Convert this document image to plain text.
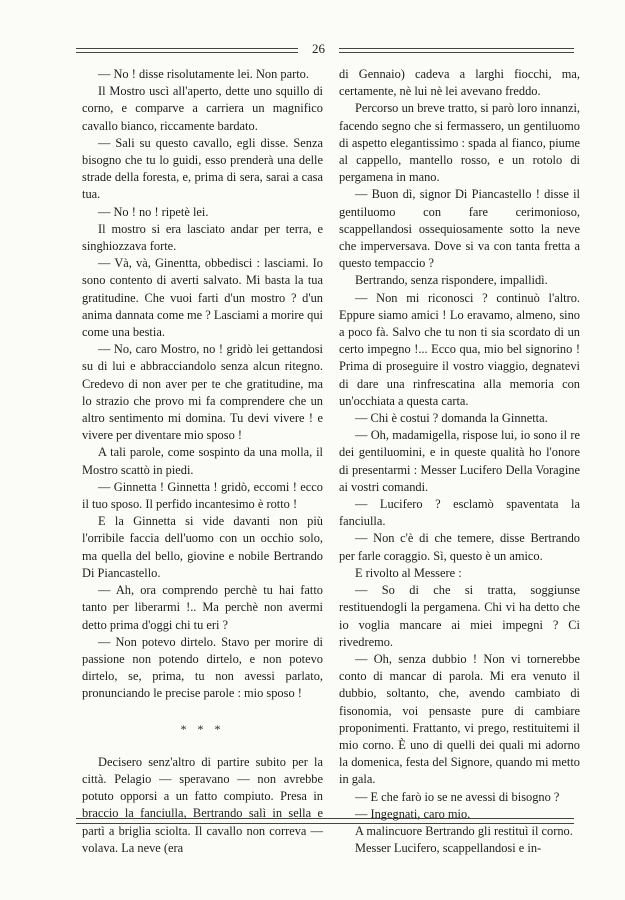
26

— No ! disse risolutamente lei. Non parto.

Il Mostro uscì all'aperto, dette uno squillo di corno, e comparve a carriera un magnifico cavallo bianco, riccamente bardato.

— Sali su questo cavallo, egli disse. Senza bisogno che tu lo guidi, esso prenderà una delle strade della foresta, e, prima di sera, sarai a casa tua.

— No ! no ! ripetè lei.

Il mostro si era lasciato andar per terra, e singhiozzava forte.

— Và, và, Ginentta, obbedisci : lasciami. Io sono contento di averti salvato. Mi basta la tua gratitudine. Che vuoi farti d'un mostro ? d'un anima dannata come me ? Lasciami a morire qui come una bestia.

— No, caro Mostro, no ! gridò lei gettandosi su di lui e abbracciandolo senza alcun ritegno. Credevo di non aver per te che gratitudine, ma lo strazio che provo mi fa comprendere che un altro sentimento mi domina. Tu devi vivere ! e vivere per diventare mio sposo !

A tali parole, come sospinto da una molla, il Mostro scattò in piedi.

— Ginnetta ! Ginnetta ! gridò, eccomi ! ecco il tuo sposo. Il perfido incantesimo è rotto !

E la Ginnetta si vide davanti non più l'orribile faccia dell'uomo con un occhio solo, ma quella del bello, giovine e nobile Bertrando Di Piancastello.

— Ah, ora comprendo perchè tu hai fatto tanto per liberarmi !.. Ma perchè non avermi detto prima d'oggi chi tu eri ?

— Non potevo dirtelo. Stavo per morire di passione non potendo dirtelo, e non potevo dirtelo, se, prima, tu non avessi parlato, pronunciando le precise parole : mio sposo !

* * *

Decisero senz'altro di partire subito per la città. Pelagio — speravano — non avrebbe potuto opporsi a un fatto compiuto. Presa in braccio la fanciulla, Bertrando salì in sella e partì a briglia sciolta. Il cavallo non correva — volava. La neve (era

di Gennaio) cadeva a larghi fiocchi, ma, certamente, nè lui nè lei avevano freddo.

Percorso un breve tratto, si parò loro innanzi, facendo segno che si fermassero, un gentiluomo di aspetto elegantissimo : spada al fianco, piume al cappello, mantello rosso, e un rotolo di pergamena in mano.

— Buon dì, signor Di Piancastello ! disse il gentiluomo con fare cerimonioso, scappellandosi ossequiosamente sotto la neve che imperversava. Dove si va con tanta fretta a questo tempaccio ?

Bertrando, senza rispondere, impallidì.

— Non mi riconosci ? continuò l'altro. Eppure siamo amici ! Lo eravamo, almeno, sino a poco fà. Salvo che tu non ti sia scordato di un certo impegno !... Ecco qua, mio bel signorino ! Prima di proseguire il vostro viaggio, degnatevi di dare una rinfrescatina alla memoria con un'occhiata a questa carta.

— Chi è costui ? domanda la Ginnetta.

— Oh, madamigella, rispose lui, io sono il re dei gentiluomini, e in queste qualità ho l'onore di presentarmi : Messer Lucifero Della Voragine ai vostri comandi.

— Lucifero ? esclamò spaventata la fanciulla.

— Non c'è di che temere, disse Bertrando per farle coraggio. Sì, questo è un amico.

E rivolto al Messere :

— So di che si tratta, soggiunse restituendogli la pergamena. Chi vi ha detto che io voglia mancare ai miei impegni ? Ci rivedremo.

— Oh, senza dubbio ! Non vi tornerebbe conto di mancar di parola. Mi era venuto il dubbio, soltanto, che, avendo cambiato di fisonomia, voi pensaste pure di cambiare proponimenti. Frattanto, vi prego, restituitemi il mio corno. È uno di quelli dei quali mi adorno la domenica, festa del Signore, quando mi metto in gala.

— E che farò io se ne avessi di bisogno ?

— Ingegnati, caro mio.

A malincuore Bertrando gli restituì il corno.

Messer Lucifero, scappellandosi e in-
